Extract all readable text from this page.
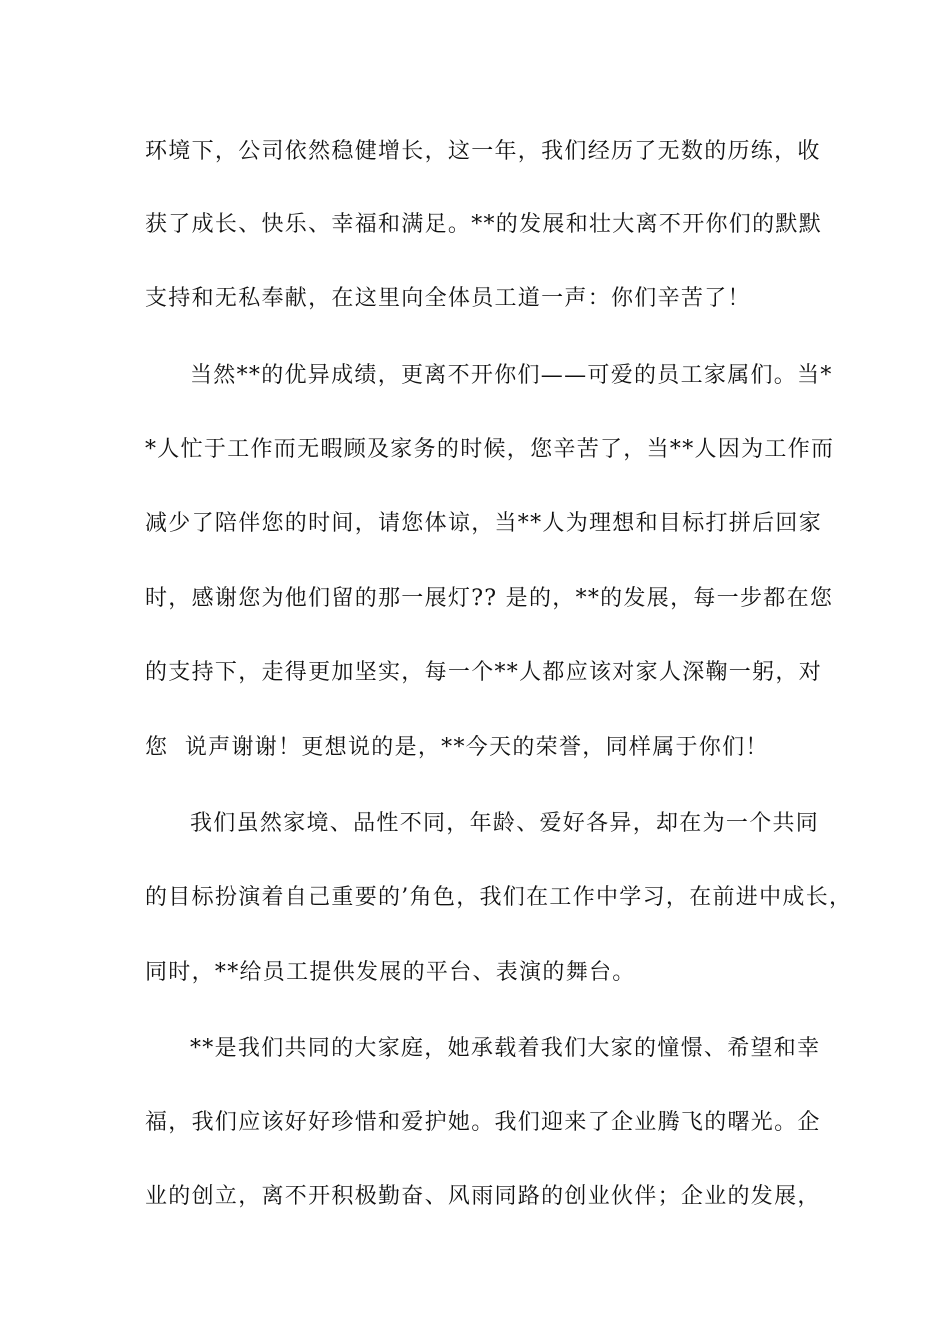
环境下，公司依然稳健增长，这一年，我们经历了无数的历练，收
获了成长、快乐、幸福和满足。**的发展和壮大离不开你们的默默
支持和无私奉献，在这里向全体员工道一声：你们辛苦了！
当然**的优异成绩，更离不开你们——可爱的员工家属们。当*
*人忙于工作而无暇顾及家务的时候，您辛苦了，当**人因为工作而
减少了陪伴您的时间，请您体谅，当**人为理想和目标打拼后回家
时，感谢您为他们留的那一展灯?? 是的，**的发展，每一步都在您
的支持下，走得更加坚实，每一个**人都应该对家人深鞠一躬，对
您  说声谢谢！更想说的是，**今天的荣誉，同样属于你们！
我们虽然家境、品性不同，年龄、爱好各异，却在为一个共同
的目标扮演着自己重要的’角色，我们在工作中学习，在前进中成长，
同时，**给员工提供发展的平台、表演的舞台。
**是我们共同的大家庭，她承载着我们大家的憧憬、希望和幸
福，我们应该好好珍惜和爱护她。我们迎来了企业腾飞的曙光。企
业的创立，离不开积极勤奋、风雨同路的创业伙伴；企业的发展，
